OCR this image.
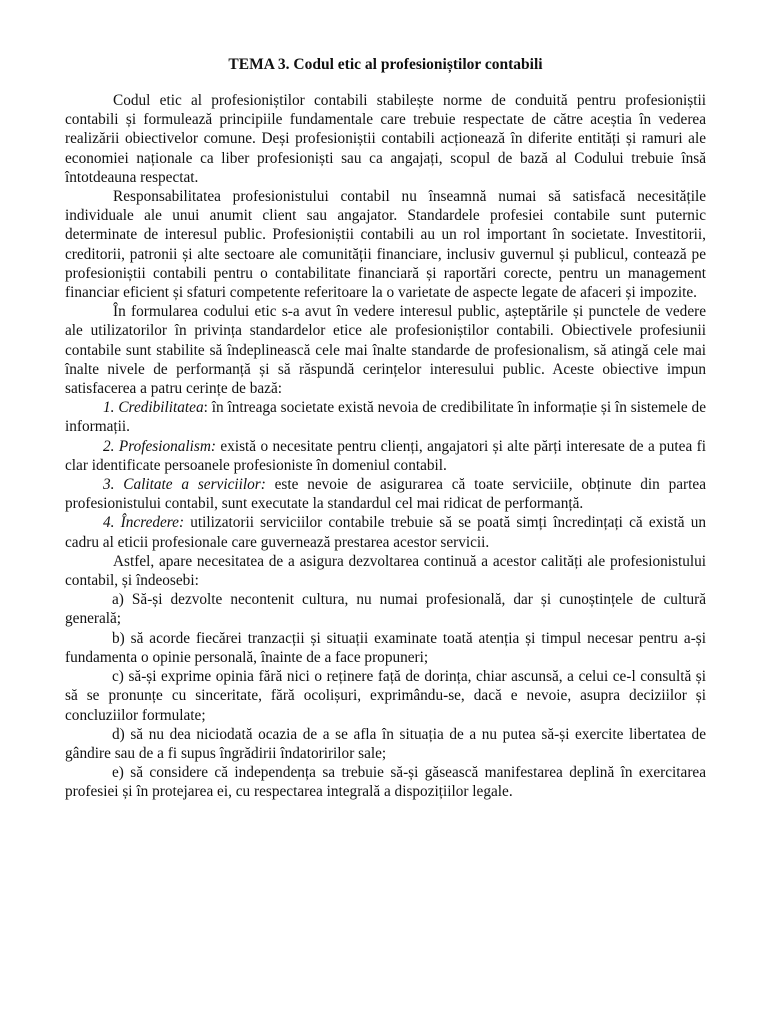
TEMA 3. Codul etic al profesioniștilor contabili

Codul etic al profesioniștilor contabili stabilește norme de conduită pentru profesioniștii contabili și formulează principiile fundamentale care trebuie respectate de către aceștia în vederea realizării obiectivelor comune. Deși profesioniștii contabili acționează în diferite entități și ramuri ale economiei naționale ca liber profesioniști sau ca angajați, scopul de bază al Codului trebuie însă întotdeauna respectat.

Responsabilitatea profesionistului contabil nu înseamnă numai să satisfacă necesitățile individuale ale unui anumit client sau angajator. Standardele profesiei contabile sunt puternic determinate de interesul public. Profesioniștii contabili au un rol important în societate. Investitorii, creditorii, patronii și alte sectoare ale comunității financiare, inclusiv guvernul și publicul, contează pe profesioniștii contabili pentru o contabilitate financiară și raportări corecte, pentru un management financiar eficient și sfaturi competente referitoare la o varietate de aspecte legate de afaceri și impozite.

În formularea codului etic s-a avut în vedere interesul public, așteptările și punctele de vedere ale utilizatorilor în privința standardelor etice ale profesioniștilor contabili. Obiectivele profesiunii contabile sunt stabilite să îndeplinească cele mai înalte standarde de profesionalism, să atingă cele mai înalte nivele de performanță și să răspundă cerințelor interesului public. Aceste obiective impun satisfacerea a patru cerințe de bază:

1. Credibilitatea: în întreaga societate există nevoia de credibilitate în informație și în sistemele de informații.

2. Profesionalism: există o necesitate pentru clienți, angajatori și alte părți interesate de a putea fi clar identificate persoanele profesioniste în domeniul contabil.

3. Calitate a serviciilor: este nevoie de asigurarea că toate serviciile, obținute din partea profesionistului contabil, sunt executate la standardul cel mai ridicat de performanță.

4. Încredere: utilizatorii serviciilor contabile trebuie să se poată simți încredințați că există un cadru al eticii profesionale care guvernează prestarea acestor servicii.

Astfel, apare necesitatea de a asigura dezvoltarea continuă a acestor calități ale profesionistului contabil, și îndeosebi:

a) Să-și dezvolte necontenit cultura, nu numai profesională, dar și cunoștințele de cultură generală;

b) să acorde fiecărei tranzacții și situații examinate toată atenția și timpul necesar pentru a-și fundamenta o opinie personală, înainte de a face propuneri;

c) să-și exprime opinia fără nici o reținere față de dorința, chiar ascunsă, a celui ce-l consultă și să se pronunțe cu sinceritate, fără ocolișuri, exprimându-se, dacă e nevoie, asupra deciziilor și concluziilor formulate;

d) să nu dea niciodată ocazia de a se afla în situația de a nu putea să-și exercite libertatea de gândire sau de a fi supus îngrădirii îndatoririlor sale;

e) să considere că independența sa trebuie să-și găsească manifestarea deplină în exercitarea profesiei și în protejarea ei, cu respectarea integrală a dispozițiilor legale.
